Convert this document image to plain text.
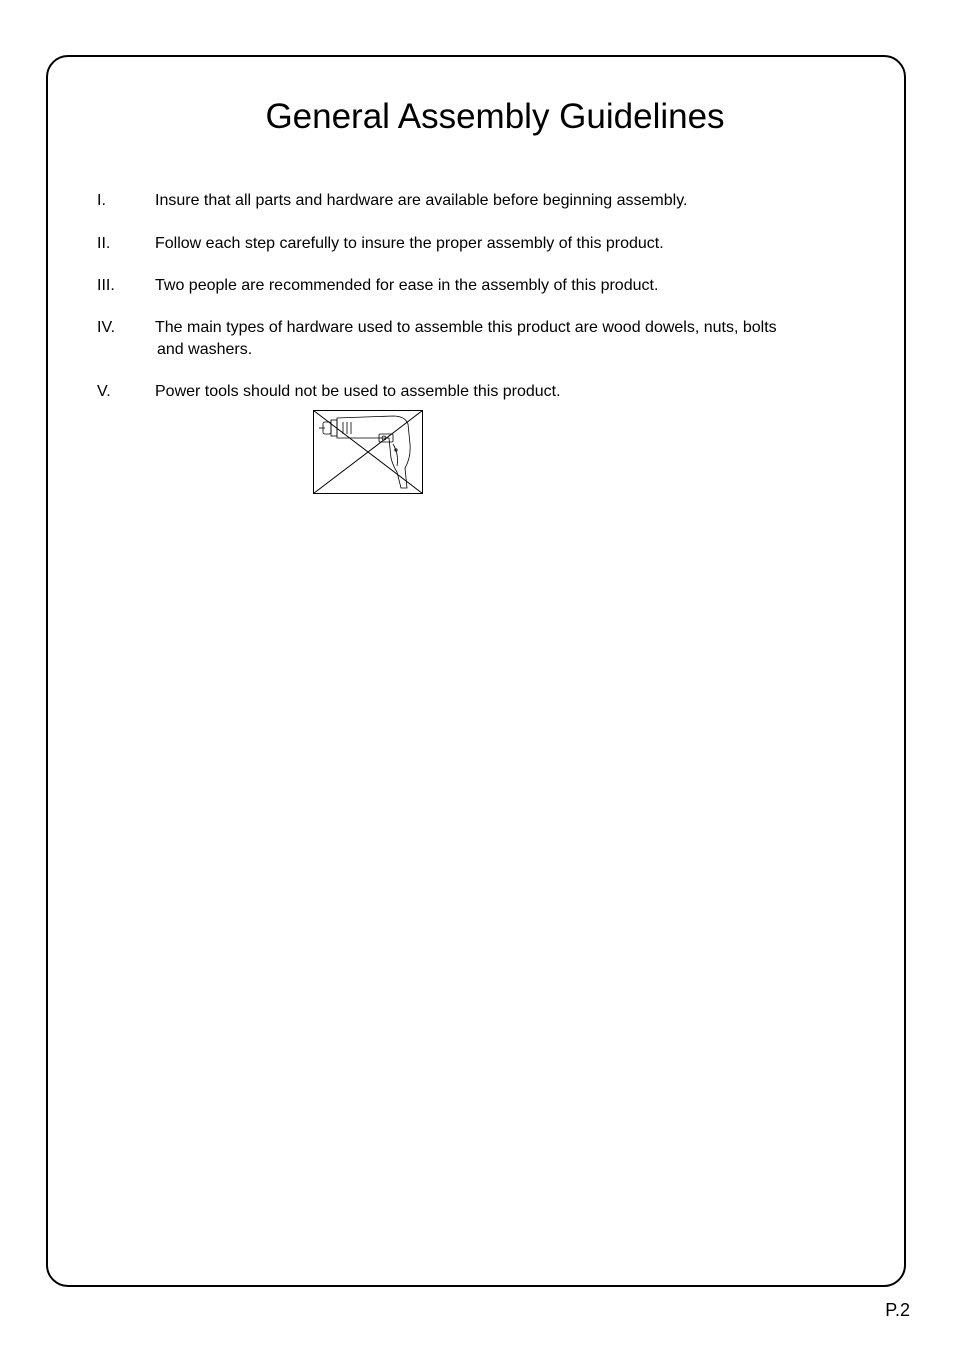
General Assembly Guidelines
I.	Insure that all parts and hardware are available before beginning assembly.
II.	Follow each step carefully to insure the proper assembly of this product.
III.	Two people are recommended for ease in the assembly of this product.
IV. The main types of hardware used to assemble this product are wood dowels, nuts, bolts
and washers.
V.	Power tools should not be used to assemble this product.
P.2
